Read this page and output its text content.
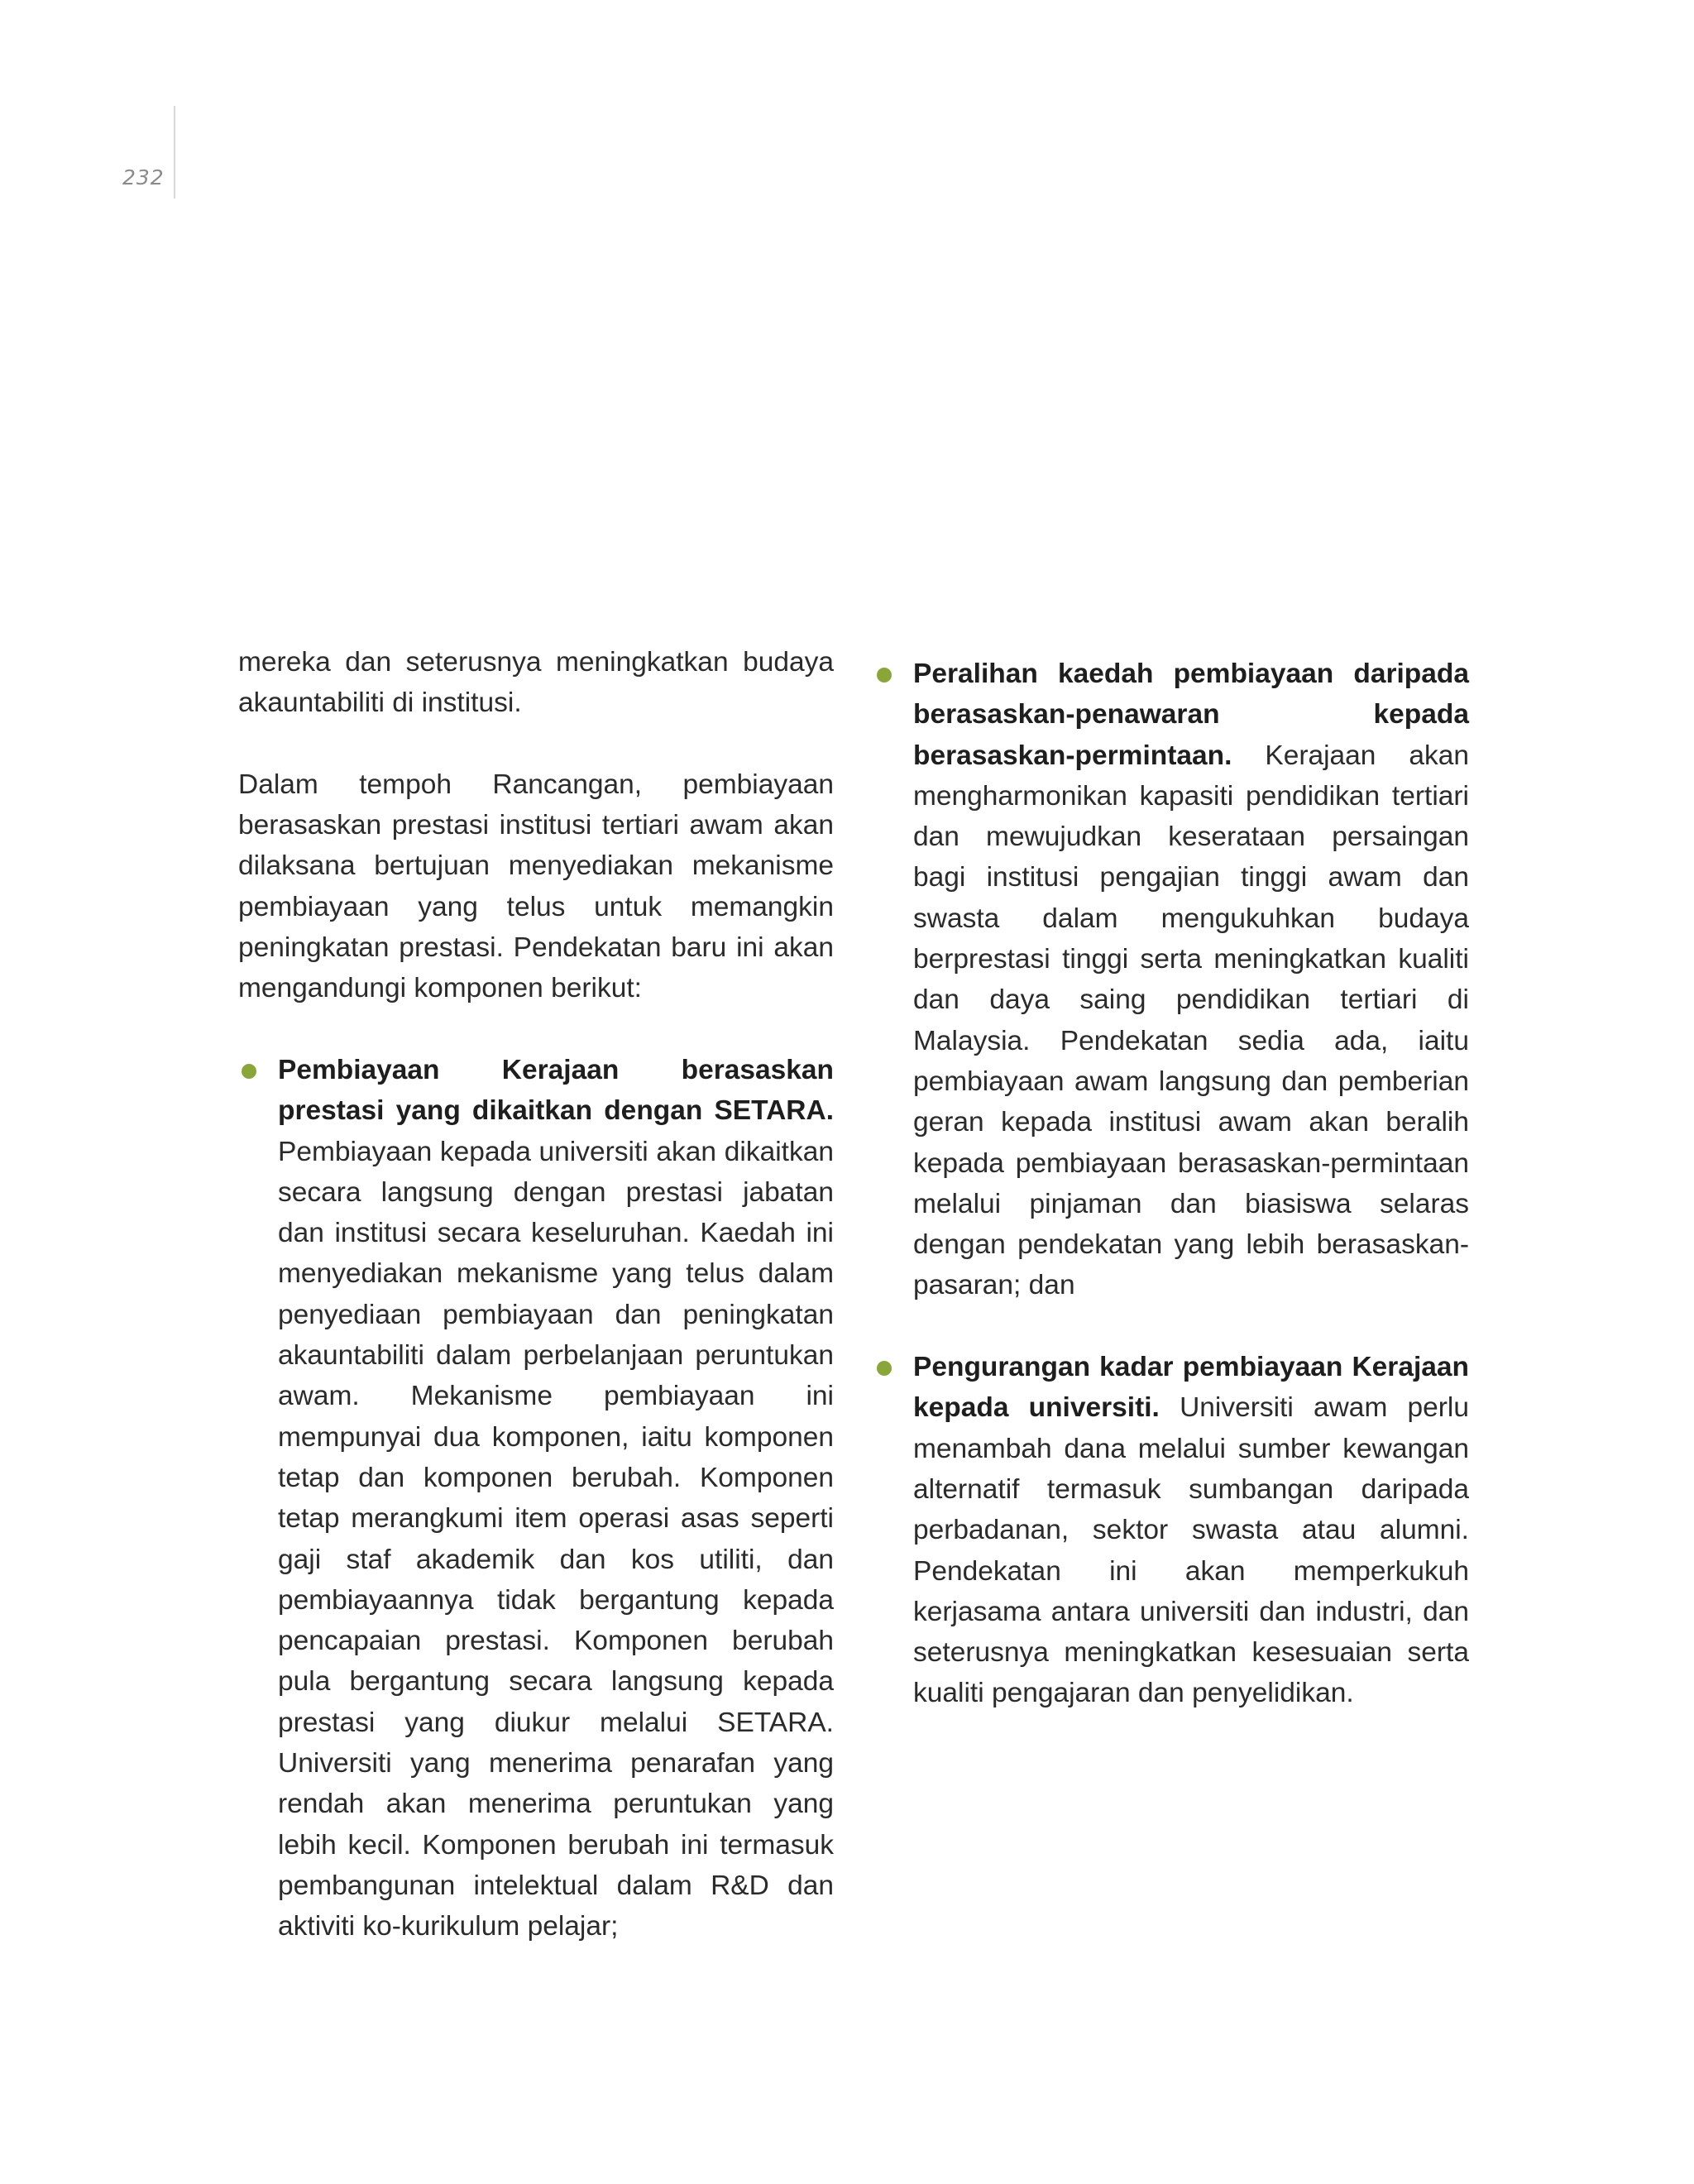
232

mereka dan seterusnya meningkatkan budaya akauntabiliti di institusi.

Dalam tempoh Rancangan, pembiayaan berasaskan prestasi institusi tertiari awam akan dilaksana bertujuan menyediakan mekanisme pembiayaan yang telus untuk memangkin peningkatan prestasi. Pendekatan baru ini akan mengandungi komponen berikut:

Pembiayaan Kerajaan berasaskan prestasi yang dikaitkan dengan SETARA. Pembiayaan kepada universiti akan dikaitkan secara langsung dengan prestasi jabatan dan institusi secara keseluruhan. Kaedah ini menyediakan mekanisme yang telus dalam penyediaan pembiayaan dan peningkatan akauntabiliti dalam perbelanjaan peruntukan awam. Mekanisme pembiayaan ini mempunyai dua komponen, iaitu komponen tetap dan komponen berubah. Komponen tetap merangkumi item operasi asas seperti gaji staf akademik dan kos utiliti, dan pembiayaannya tidak bergantung kepada pencapaian prestasi. Komponen berubah pula bergantung secara langsung kepada prestasi yang diukur melalui SETARA. Universiti yang menerima penarafan yang rendah akan menerima peruntukan yang lebih kecil. Komponen berubah ini termasuk pembangunan intelektual dalam R&D dan aktiviti ko-kurikulum pelajar;
Peralihan kaedah pembiayaan daripada berasaskan-penawaran kepada berasaskan-permintaan. Kerajaan akan mengharmonikan kapasiti pendidikan tertiari dan mewujudkan keserataan persaingan bagi institusi pengajian tinggi awam dan swasta dalam mengukuhkan budaya berprestasi tinggi serta meningkatkan kualiti dan daya saing pendidikan tertiari di Malaysia. Pendekatan sedia ada, iaitu pembiayaan awam langsung dan pemberian geran kepada institusi awam akan beralih kepada pembiayaan berasaskan-permintaan melalui pinjaman dan biasiswa selaras dengan pendekatan yang lebih berasaskan-pasaran; dan
Pengurangan kadar pembiayaan Kerajaan kepada universiti. Universiti awam perlu menambah dana melalui sumber kewangan alternatif termasuk sumbangan daripada perbadanan, sektor swasta atau alumni. Pendekatan ini akan memperkukuh kerjasama antara universiti dan industri, dan seterusnya meningkatkan kesesuaian serta kualiti pengajaran dan penyelidikan.
